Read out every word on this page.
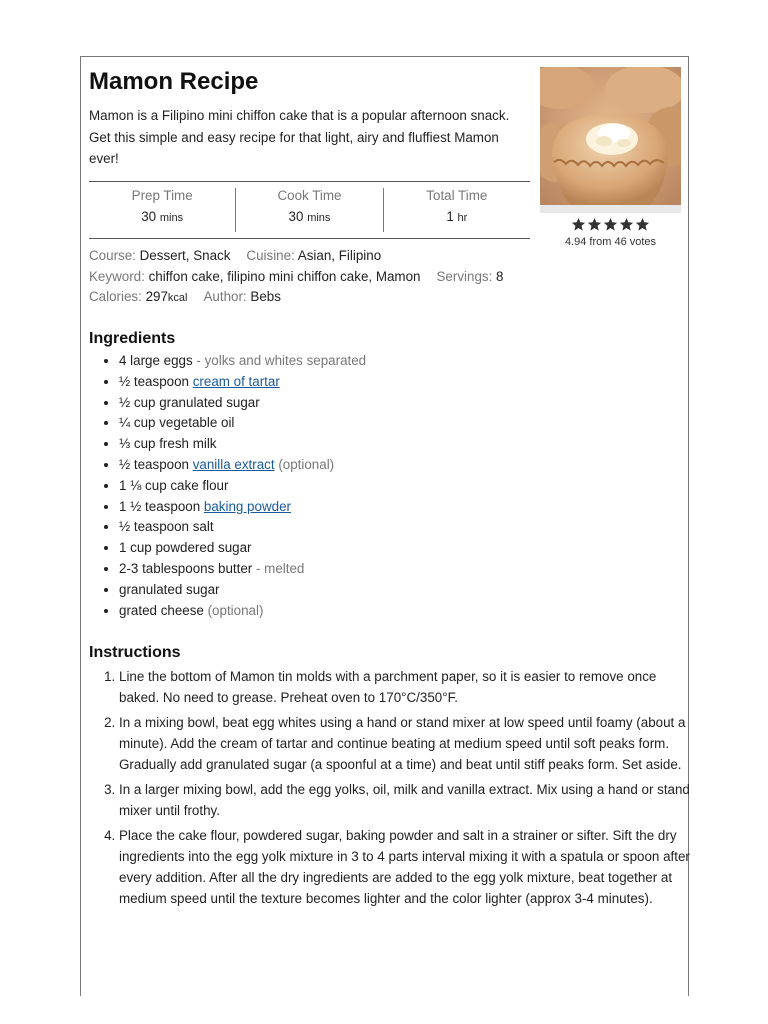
Mamon Recipe

Mamon is a Filipino mini chiffon cake that is a popular afternoon snack. Get this simple and easy recipe for that light, airy and fluffiest Mamon ever!

4.94 from 46 votes
Prep Time
30 mins
Cook Time
30 mins
Total Time
1 hr
Course: Dessert, Snack Cuisine: Asian, Filipino
Keyword: chiffon cake, filipino mini chiffon cake, Mamon Servings: 8
Calories: 297kcal Author: Bebs
Ingredients
• 4 large eggs - yolks and whites separated
• ½ teaspoon cream of tartar
• ½ cup granulated sugar
• ¼ cup vegetable oil
• ⅓ cup fresh milk
• ½ teaspoon vanilla extract (optional)
• 1 ⅛ cup cake flour
• 1 ½ teaspoon baking powder
• ½ teaspoon salt
• 1 cup powdered sugar
• 2-3 tablespoons butter - melted
• granulated sugar
• grated cheese (optional)
Instructions
1. Line the bottom of Mamon tin molds with a parchment paper, so it is easier to remove once baked. No need to grease. Preheat oven to 170°C/350°F.
2. In a mixing bowl, beat egg whites using a hand or stand mixer at low speed until foamy (about a minute). Add the cream of tartar and continue beating at medium speed until soft peaks form. Gradually add granulated sugar (a spoonful at a time) and beat until stiff peaks form. Set aside.
3. In a larger mixing bowl, add the egg yolks, oil, milk and vanilla extract. Mix using a hand or stand mixer until frothy.
4. Place the cake flour, powdered sugar, baking powder and salt in a strainer or sifter. Sift the dry ingredients into the egg yolk mixture in 3 to 4 parts interval mixing it with a spatula or spoon after every addition. After all the dry ingredients are added to the egg yolk mixture, beat together at medium speed until the texture becomes lighter and the color lighter (approx 3-4 minutes).
